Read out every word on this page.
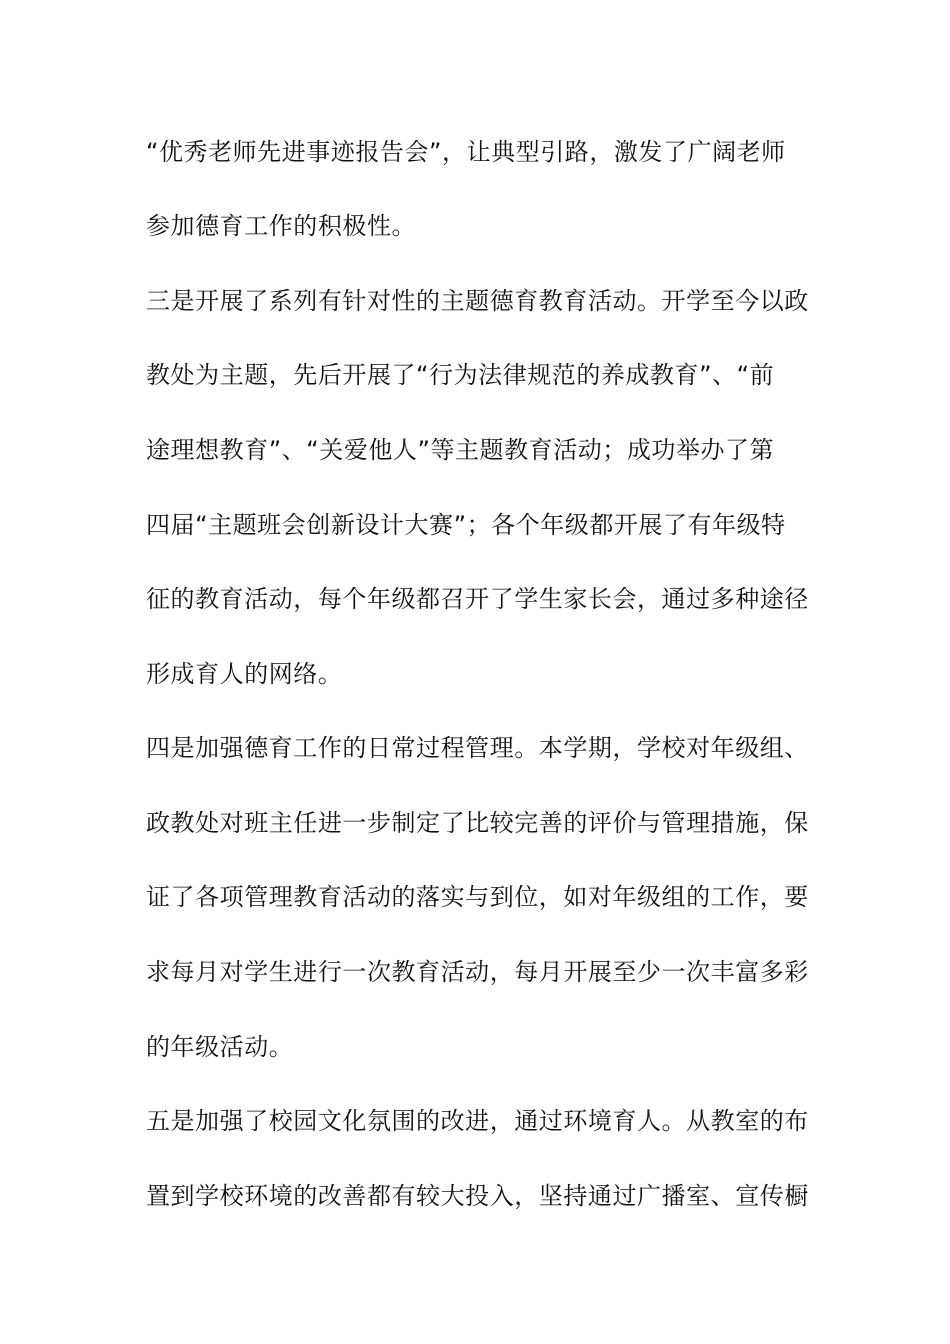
“优秀老师先进事迹报告会”，让典型引路，激发了广阔老师
参加德育工作的积极性。
三是开展了系列有针对性的主题德育教育活动。开学至今以政
教处为主题，先后开展了“行为法律规范的养成教育”、“前
途理想教育”、“关爱他人”等主题教育活动；成功举办了第
四届“主题班会创新设计大赛”；各个年级都开展了有年级特
征的教育活动，每个年级都召开了学生家长会，通过多种途径
形成育人的网络。
四是加强德育工作的日常过程管理。本学期，学校对年级组、
政教处对班主任进一步制定了比较完善的评价与管理措施，保
证了各项管理教育活动的落实与到位，如对年级组的工作，要
求每月对学生进行一次教育活动，每月开展至少一次丰富多彩
的年级活动。
五是加强了校园文化氛围的改进，通过环境育人。从教室的布
置到学校环境的改善都有较大投入，坚持通过广播室、宣传橱
